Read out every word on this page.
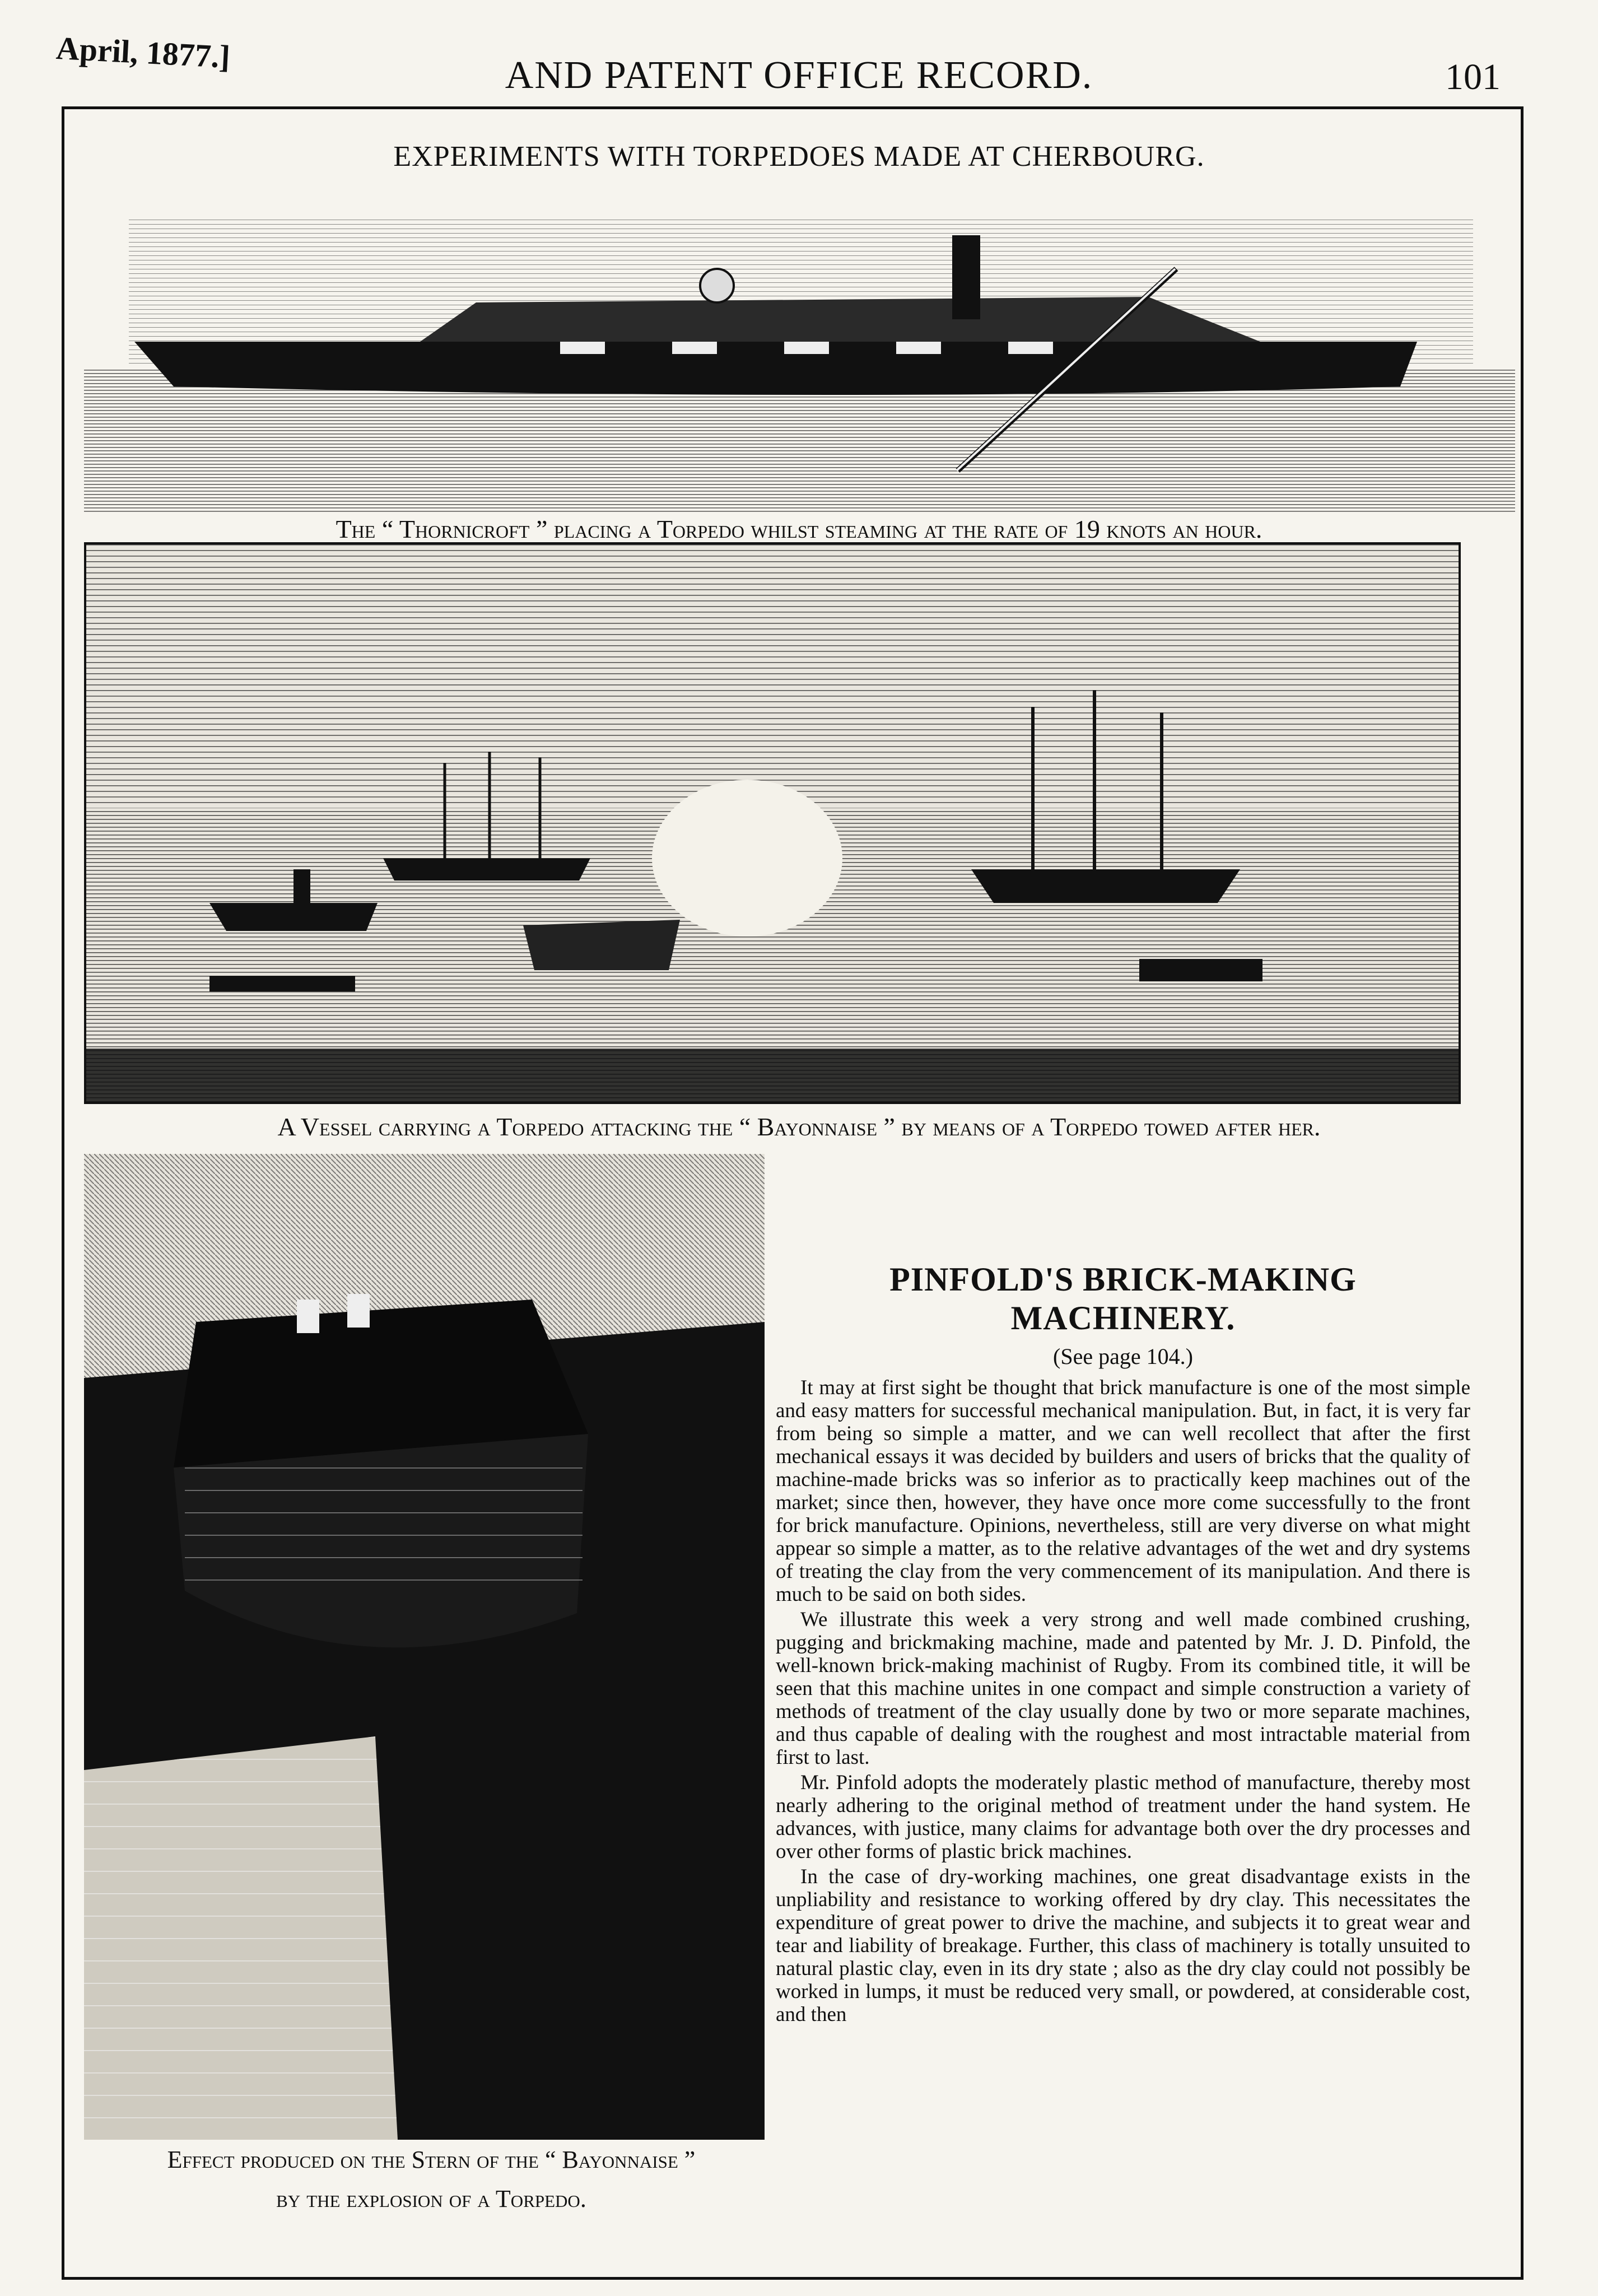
April, 1877.]
AND PATENT OFFICE RECORD.	101
EXPERIMENTS WITH TORPEDOES MADE AT CHERBOURG.
The “ Thornicroft ” placing a Torpedo whilst steaming at the rate of 19 knots an hour.
A Vessel carrying a Torpedo attacking the “ Bayonnaise ” by means of a Torpedo towed after her.
Effect produced on the Stern of the “ Bayonnaise ”
by the explosion of a Torpedo.
PINFOLD'S BRICK-MAKING MACHINERY.
(See page 104.)

It may at first sight be thought that brick manufacture is one of the most simple and easy matters for successful mechanical manipulation. But, in fact, it is very far from being so simple a matter, and we can well recollect that after the first mechanical essays it was decided by builders and users of bricks that the quality of machine-made bricks was so inferior as to practically keep machines out of the market; since then, however, they have once more come successfully to the front for brick manufacture. Opinions, nevertheless, still are very diverse on what might appear so simple a matter, as to the relative advantages of the wet and dry systems of treating the clay from the very commencement of its manipulation. And there is much to be said on both sides.

We illustrate this week a very strong and well made combined crushing, pugging and brickmaking machine, made and patented by Mr. J. D. Pinfold, the well-known brick-making machinist of Rugby. From its combined title, it will be seen that this machine unites in one compact and simple construction a variety of methods of treatment of the clay usually done by two or more separate machines, and thus capable of dealing with the roughest and most intractable material from first to last.

Mr. Pinfold adopts the moderately plastic method of manufacture, thereby most nearly adhering to the original method of treatment under the hand system. He advances, with justice, many claims for advantage both over the dry processes and over other forms of plastic brick machines.

In the case of dry-working machines, one great disadvantage exists in the unpliability and resistance to working offered by dry clay. This necessitates the expenditure of great power to drive the machine, and subjects it to great wear and tear and liability of breakage. Further, this class of machinery is totally unsuited to natural plastic clay, even in its dry state ; also as the dry clay could not possibly be worked in lumps, it must be reduced very small, or powdered, at considerable cost, and then
